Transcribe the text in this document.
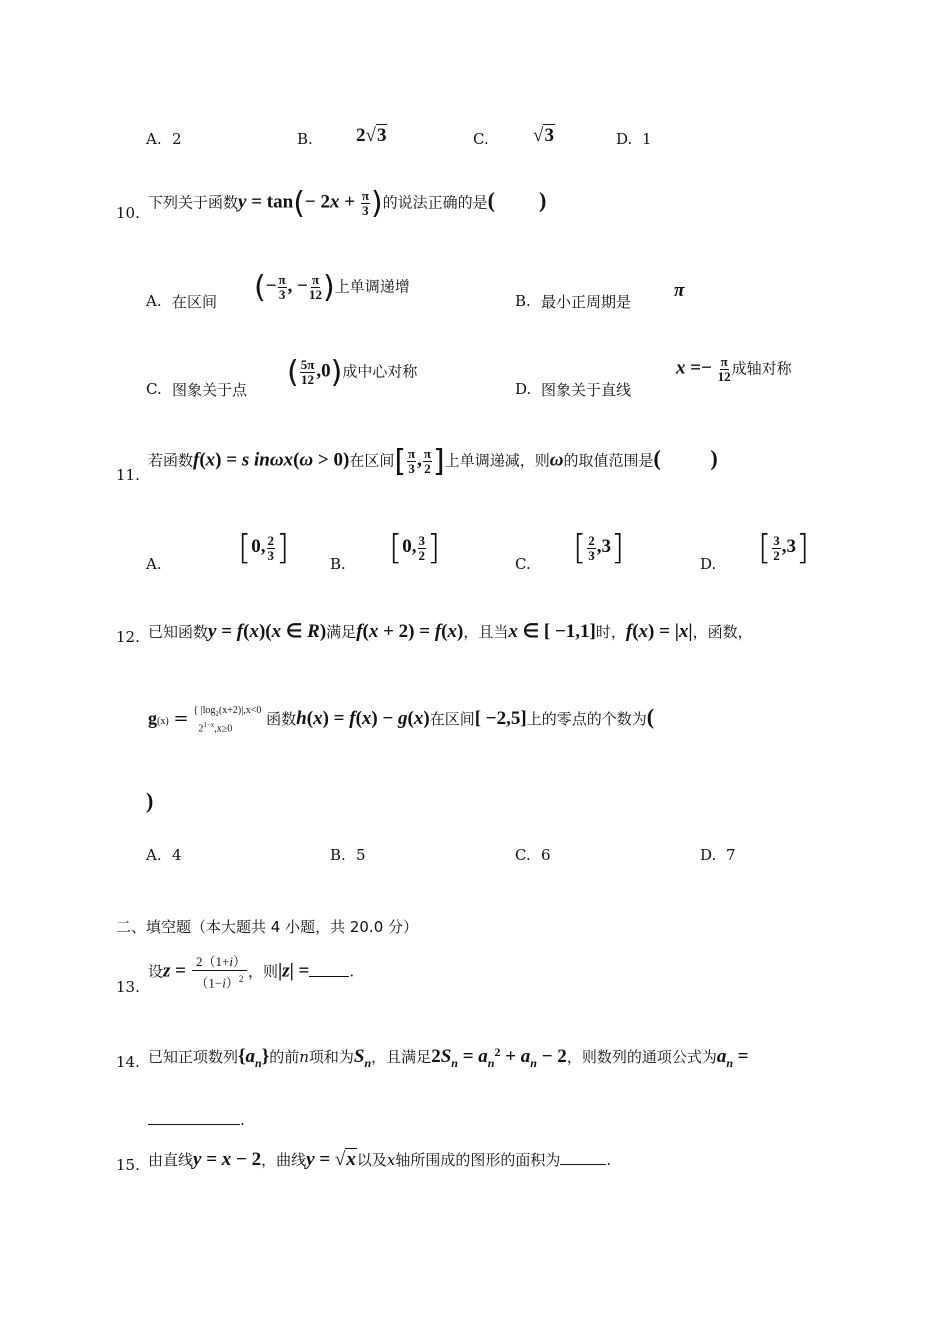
A. 2	B. 2√3	C. √3	D. 1
10.
下列关于函数$y = \tan(- 2x + \frac{\pi}{3}$ )的说法正确的是(        )
A. 在区间 (− $\frac{\pi}{3}$ , − $\frac{\pi}{12}$ )上单调递增
B. 最小正周期是
π
C. 图象关于点 ( $\frac{5\pi}{12} ,0$)成中心对称
D. 图象关于直线
$x =- \frac{\pi}{12}$ 成轴对称
11.
若函数f(x) = s inωx(ω > 0)在区间[ $\frac{\pi}{3}$ , $\frac{\pi}{2}$ ]上单调递减，则ω的取值范围是(         )
A. [0, $\frac{2}{3}$ ]	B. [0, $\frac{3}{2}$ ]	C. [ $\frac{2}{3} ,3$]	D. [ $\frac{3}{2} ,3$]
12. 已知函数y = f(x)(x ∈ R)满足f(x + 2) = f(x)，且当x ∈ [ −1,1]时，f(x) = |x|，函数，
g(x) = { $|\log_2(x+2)|,x<0$
$2^{1-x},x\ge 0$ 函数h(x) = f(x) − g(x)在区间[ −2,5]上的零点的个数为(
)
A. 4	B. 5	C. 6	D. 7
二、填空题（本大题共 4 小题，共 20.0 分）
13.
设$z = \frac{2(1+i)}{(1-i)^2}$ ，则|z| =	.
14. 已知正项数列$\{a_n\}$的前n项和为$S_n$，且满足$2S_n = a_n^2 + a_n - 2$，则数列的通项公式为$a_n$ =
.
15. 由直线y = x − 2，曲线y = √x以及x轴所围成的图形的面积为	.
